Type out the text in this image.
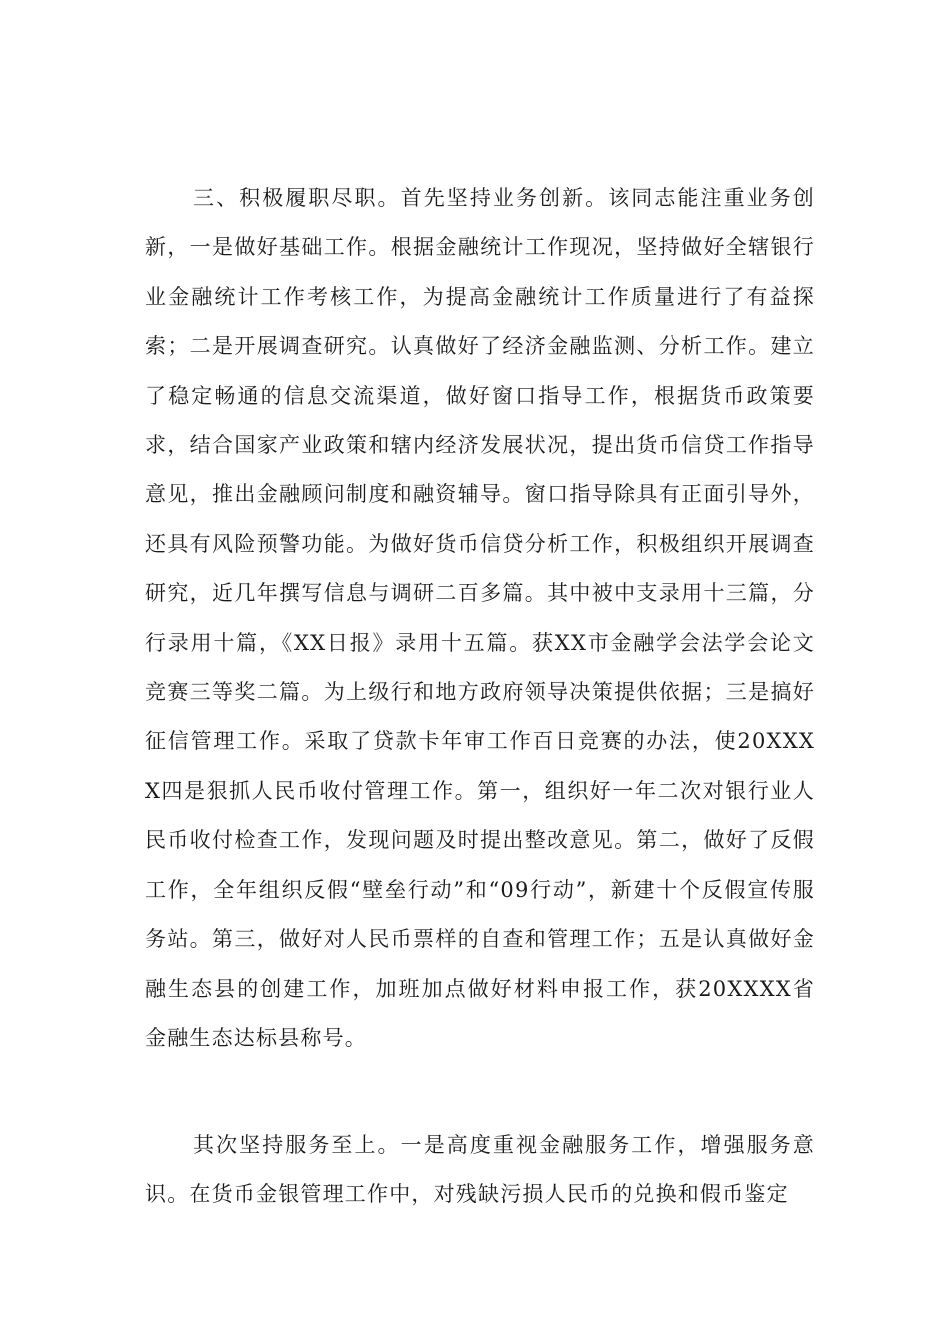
三、积极履职尽职。首先坚持业务创新。该同志能注重业务创新，一是做好基础工作。根据金融统计工作现况，坚持做好全辖银行业金融统计工作考核工作，为提高金融统计工作质量进行了有益探索；二是开展调查研究。认真做好了经济金融监测、分析工作。建立了稳定畅通的信息交流渠道，做好窗口指导工作，根据货币政策要求，结合国家产业政策和辖内经济发展状况，提出货币信贷工作指导意见，推出金融顾问制度和融资辅导。窗口指导除具有正面引导外，还具有风险预警功能。为做好货币信贷分析工作，积极组织开展调查研究，近几年撰写信息与调研二百多篇。其中被中支录用十三篇，分行录用十篇，《XX日报》录用十五篇。获XX市金融学会法学会论文竞赛三等奖二篇。为上级行和地方政府领导决策提供依据；三是搞好征信管理工作。采取了贷款卡年审工作百日竞赛的办法，使20XXXX四是狠抓人民币收付管理工作。第一，组织好一年二次对银行业人民币收付检查工作，发现问题及时提出整改意见。第二，做好了反假工作，全年组织反假“壁垒行动”和“09行动”，新建十个反假宣传服务站。第三，做好对人民币票样的自查和管理工作；五是认真做好金融生态县的创建工作，加班加点做好材料申报工作，获20XXXX省金融生态达标县称号。

其次坚持服务至上。一是高度重视金融服务工作，增强服务意识。在货币金银管理工作中，对残缺污损人民币的兑换和假币鉴定
